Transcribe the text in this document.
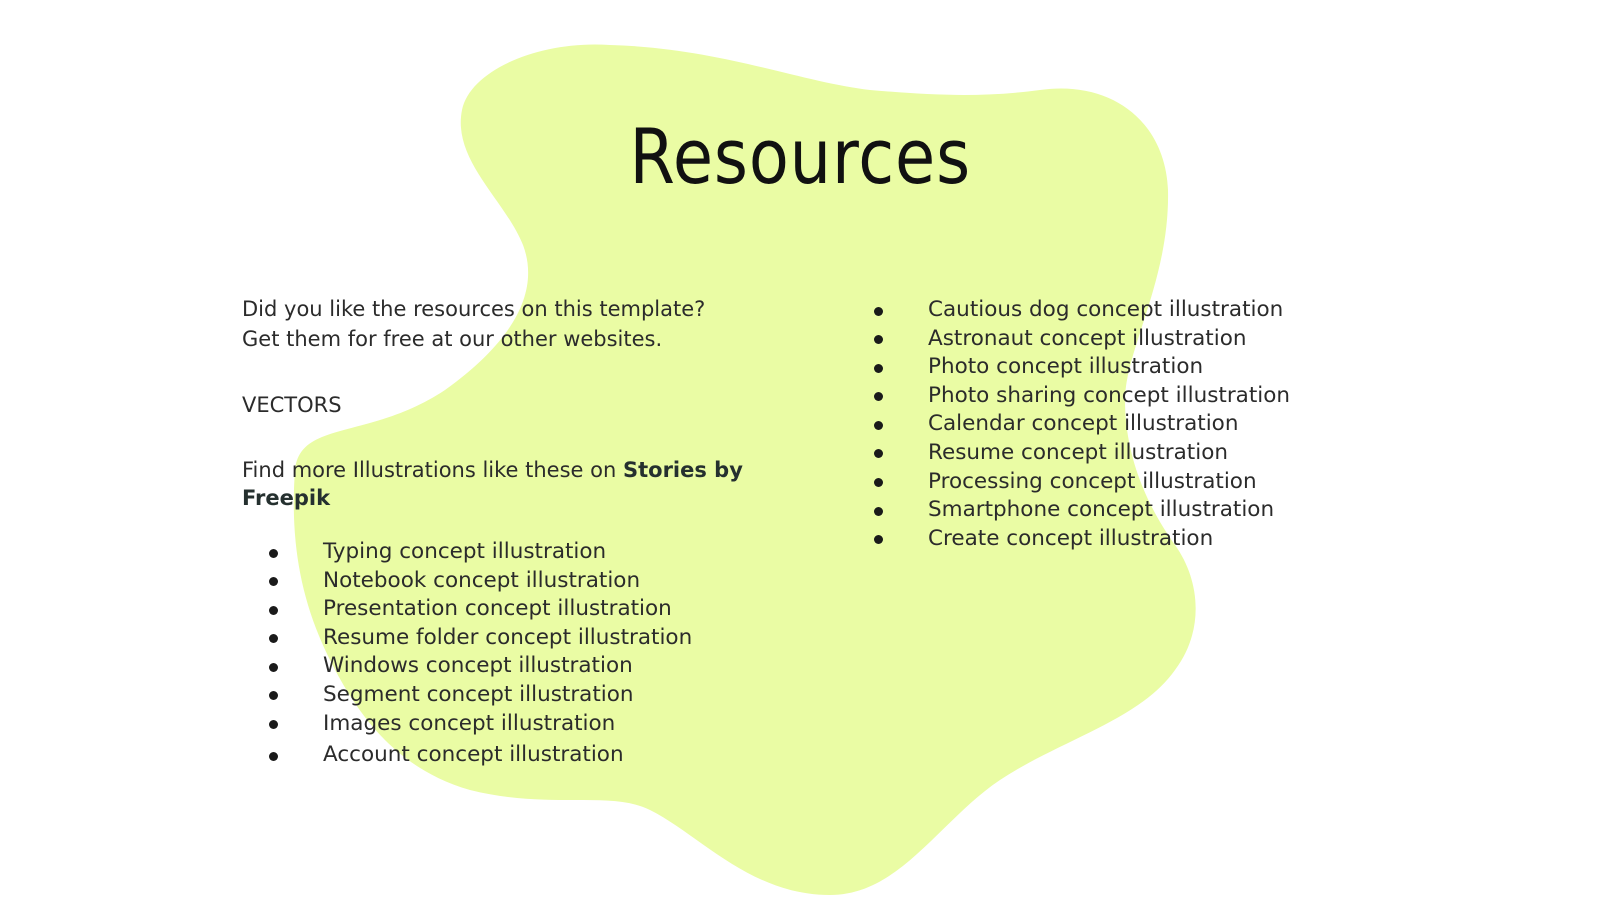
Resources

Did you like the resources on this template?
Get them for free at our other websites.

VECTORS

Find more Illustrations like these on Stories by Freepik

Typing concept illustration
Notebook concept illustration
Presentation concept illustration
Resume folder concept illustration
Windows concept illustration
Segment concept illustration
Images concept illustration
Account concept illustration
Cautious dog concept illustration
Astronaut concept illustration
Photo concept illustration
Photo sharing concept illustration
Calendar concept illustration
Resume concept illustration
Processing concept illustration
Smartphone concept illustration
Create concept illustration
